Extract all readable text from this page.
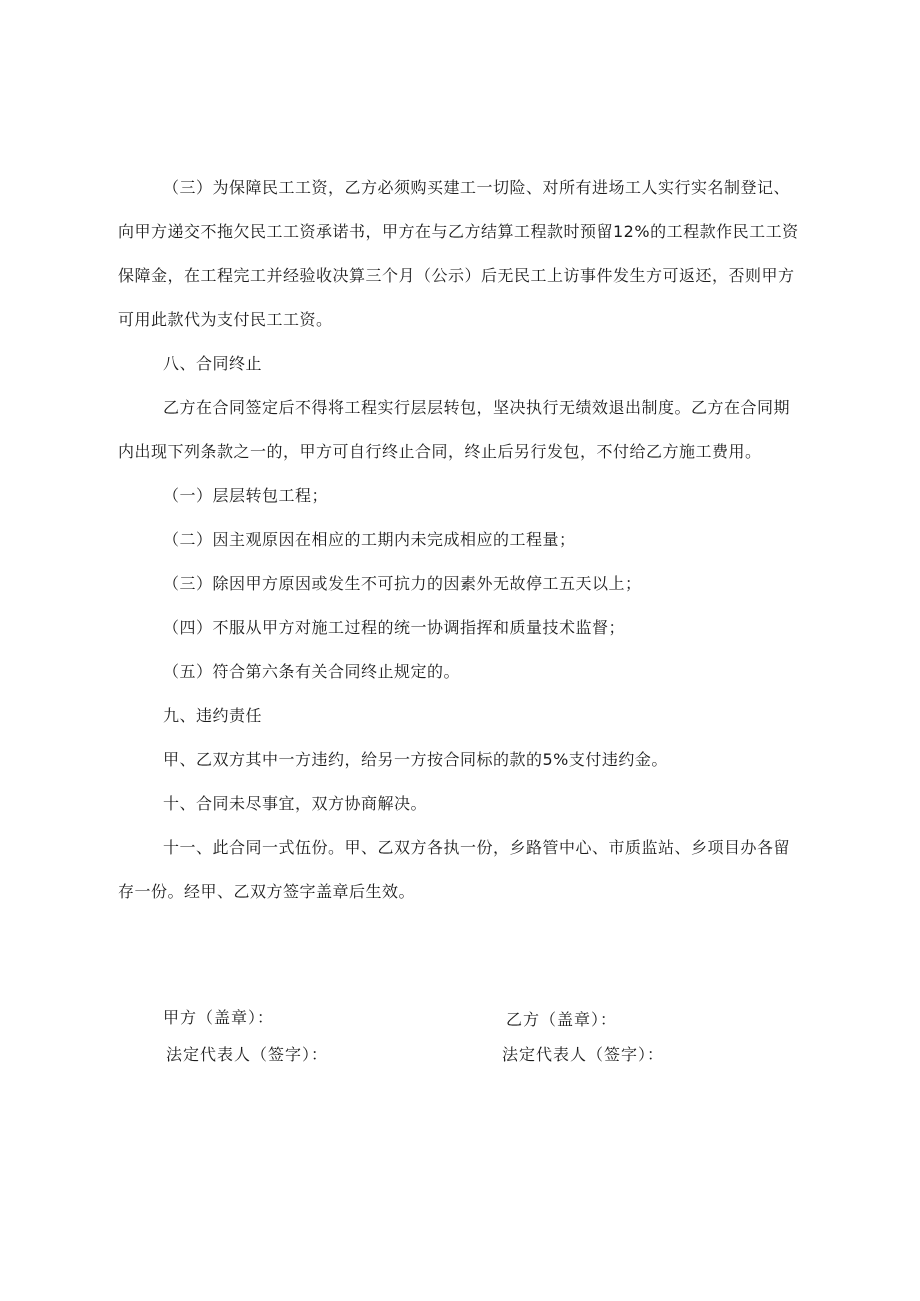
（三）为保障民工工资，乙方必须购买建工一切险、对所有进场工人实行实名制登记、
向甲方递交不拖欠民工工资承诺书，甲方在与乙方结算工程款时预留12%的工程款作民工工资
保障金，在工程完工并经验收决算三个月（公示）后无民工上访事件发生方可返还，否则甲方
可用此款代为支付民工工资。
八、合同终止
乙方在合同签定后不得将工程实行层层转包，坚决执行无绩效退出制度。乙方在合同期
内出现下列条款之一的，甲方可自行终止合同，终止后另行发包，不付给乙方施工费用。
（一）层层转包工程；
（二）因主观原因在相应的工期内未完成相应的工程量；
（三）除因甲方原因或发生不可抗力的因素外无故停工五天以上；
（四）不服从甲方对施工过程的统一协调指挥和质量技术监督；
（五）符合第六条有关合同终止规定的。
九、违约责任
甲、乙双方其中一方违约，给另一方按合同标的款的5%支付违约金。
十、合同未尽事宜，双方协商解决。
十一、此合同一式伍份。甲、乙双方各执一份，乡路管中心、市质监站、乡项目办各留
存一份。经甲、乙双方签字盖章后生效。
甲方（盖章）：
法定代表人（签字）：
乙方（盖章）：
法定代表人（签字）：
